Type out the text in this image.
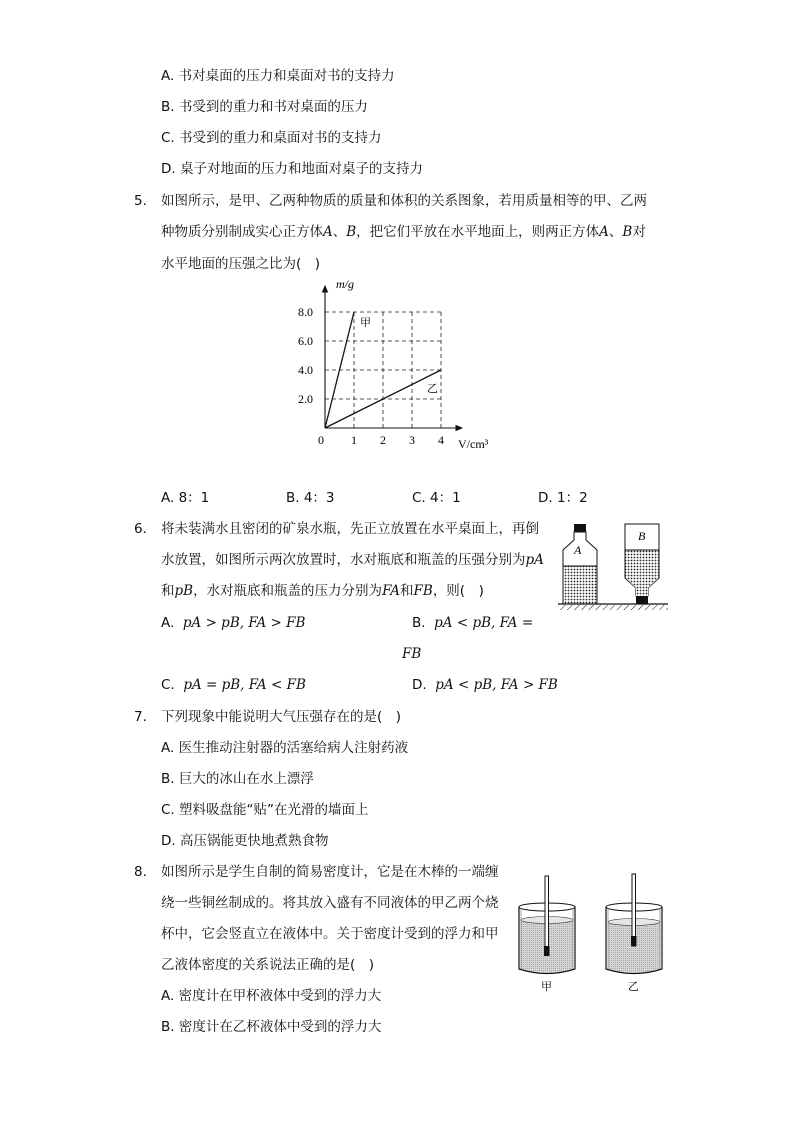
A. 书对桌面的压力和桌面对书的支持力
B. 书受到的重力和书对桌面的压力
C. 书受到的重力和桌面对书的支持力
D. 桌子对地面的压力和地面对桌子的支持力
5. 如图所示，是甲、乙两种物质的质量和体积的关系图象，若用质量相等的甲、乙两
种物质分别制成实心正方体A、B，把它们平放在水平地面上，则两正方体A、B对
水平地面的压强之比为(　)
甲
乙
0 1 2 3 4
2.0
4.0
6.0
8.0
m/g
V/cm³
A. 8：1	B. 4：3	C. 4：1	D. 1：2
6. 将未装满水且密闭的矿泉水瓶，先正立放置在水平桌面上，再倒
水放置，如图所示两次放置时，水对瓶底和瓶盖的压强分别为pA
和pB，水对瓶底和瓶盖的压力分别为FA和FB，则(　)
A
B
A. pA > pB, FA > FB	B. pA < pB, FA =
FB
C. pA = pB, FA < FB	D. pA < pB, FA > FB
7. 下列现象中能说明大气压强存在的是(　)
A. 医生推动注射器的活塞给病人注射药液
B. 巨大的冰山在水上漂浮
C. 塑料吸盘能“贴”在光滑的墙面上
D. 高压锅能更快地煮熟食物
8. 如图所示是学生自制的简易密度计，它是在木棒的一端缠
绕一些铜丝制成的。将其放入盛有不同液体的甲乙两个烧
杯中，它会竖直立在液体中。关于密度计受到的浮力和甲
乙液体密度的关系说法正确的是(　)
A. 密度计在甲杯液体中受到的浮力大
B. 密度计在乙杯液体中受到的浮力大
甲	乙
